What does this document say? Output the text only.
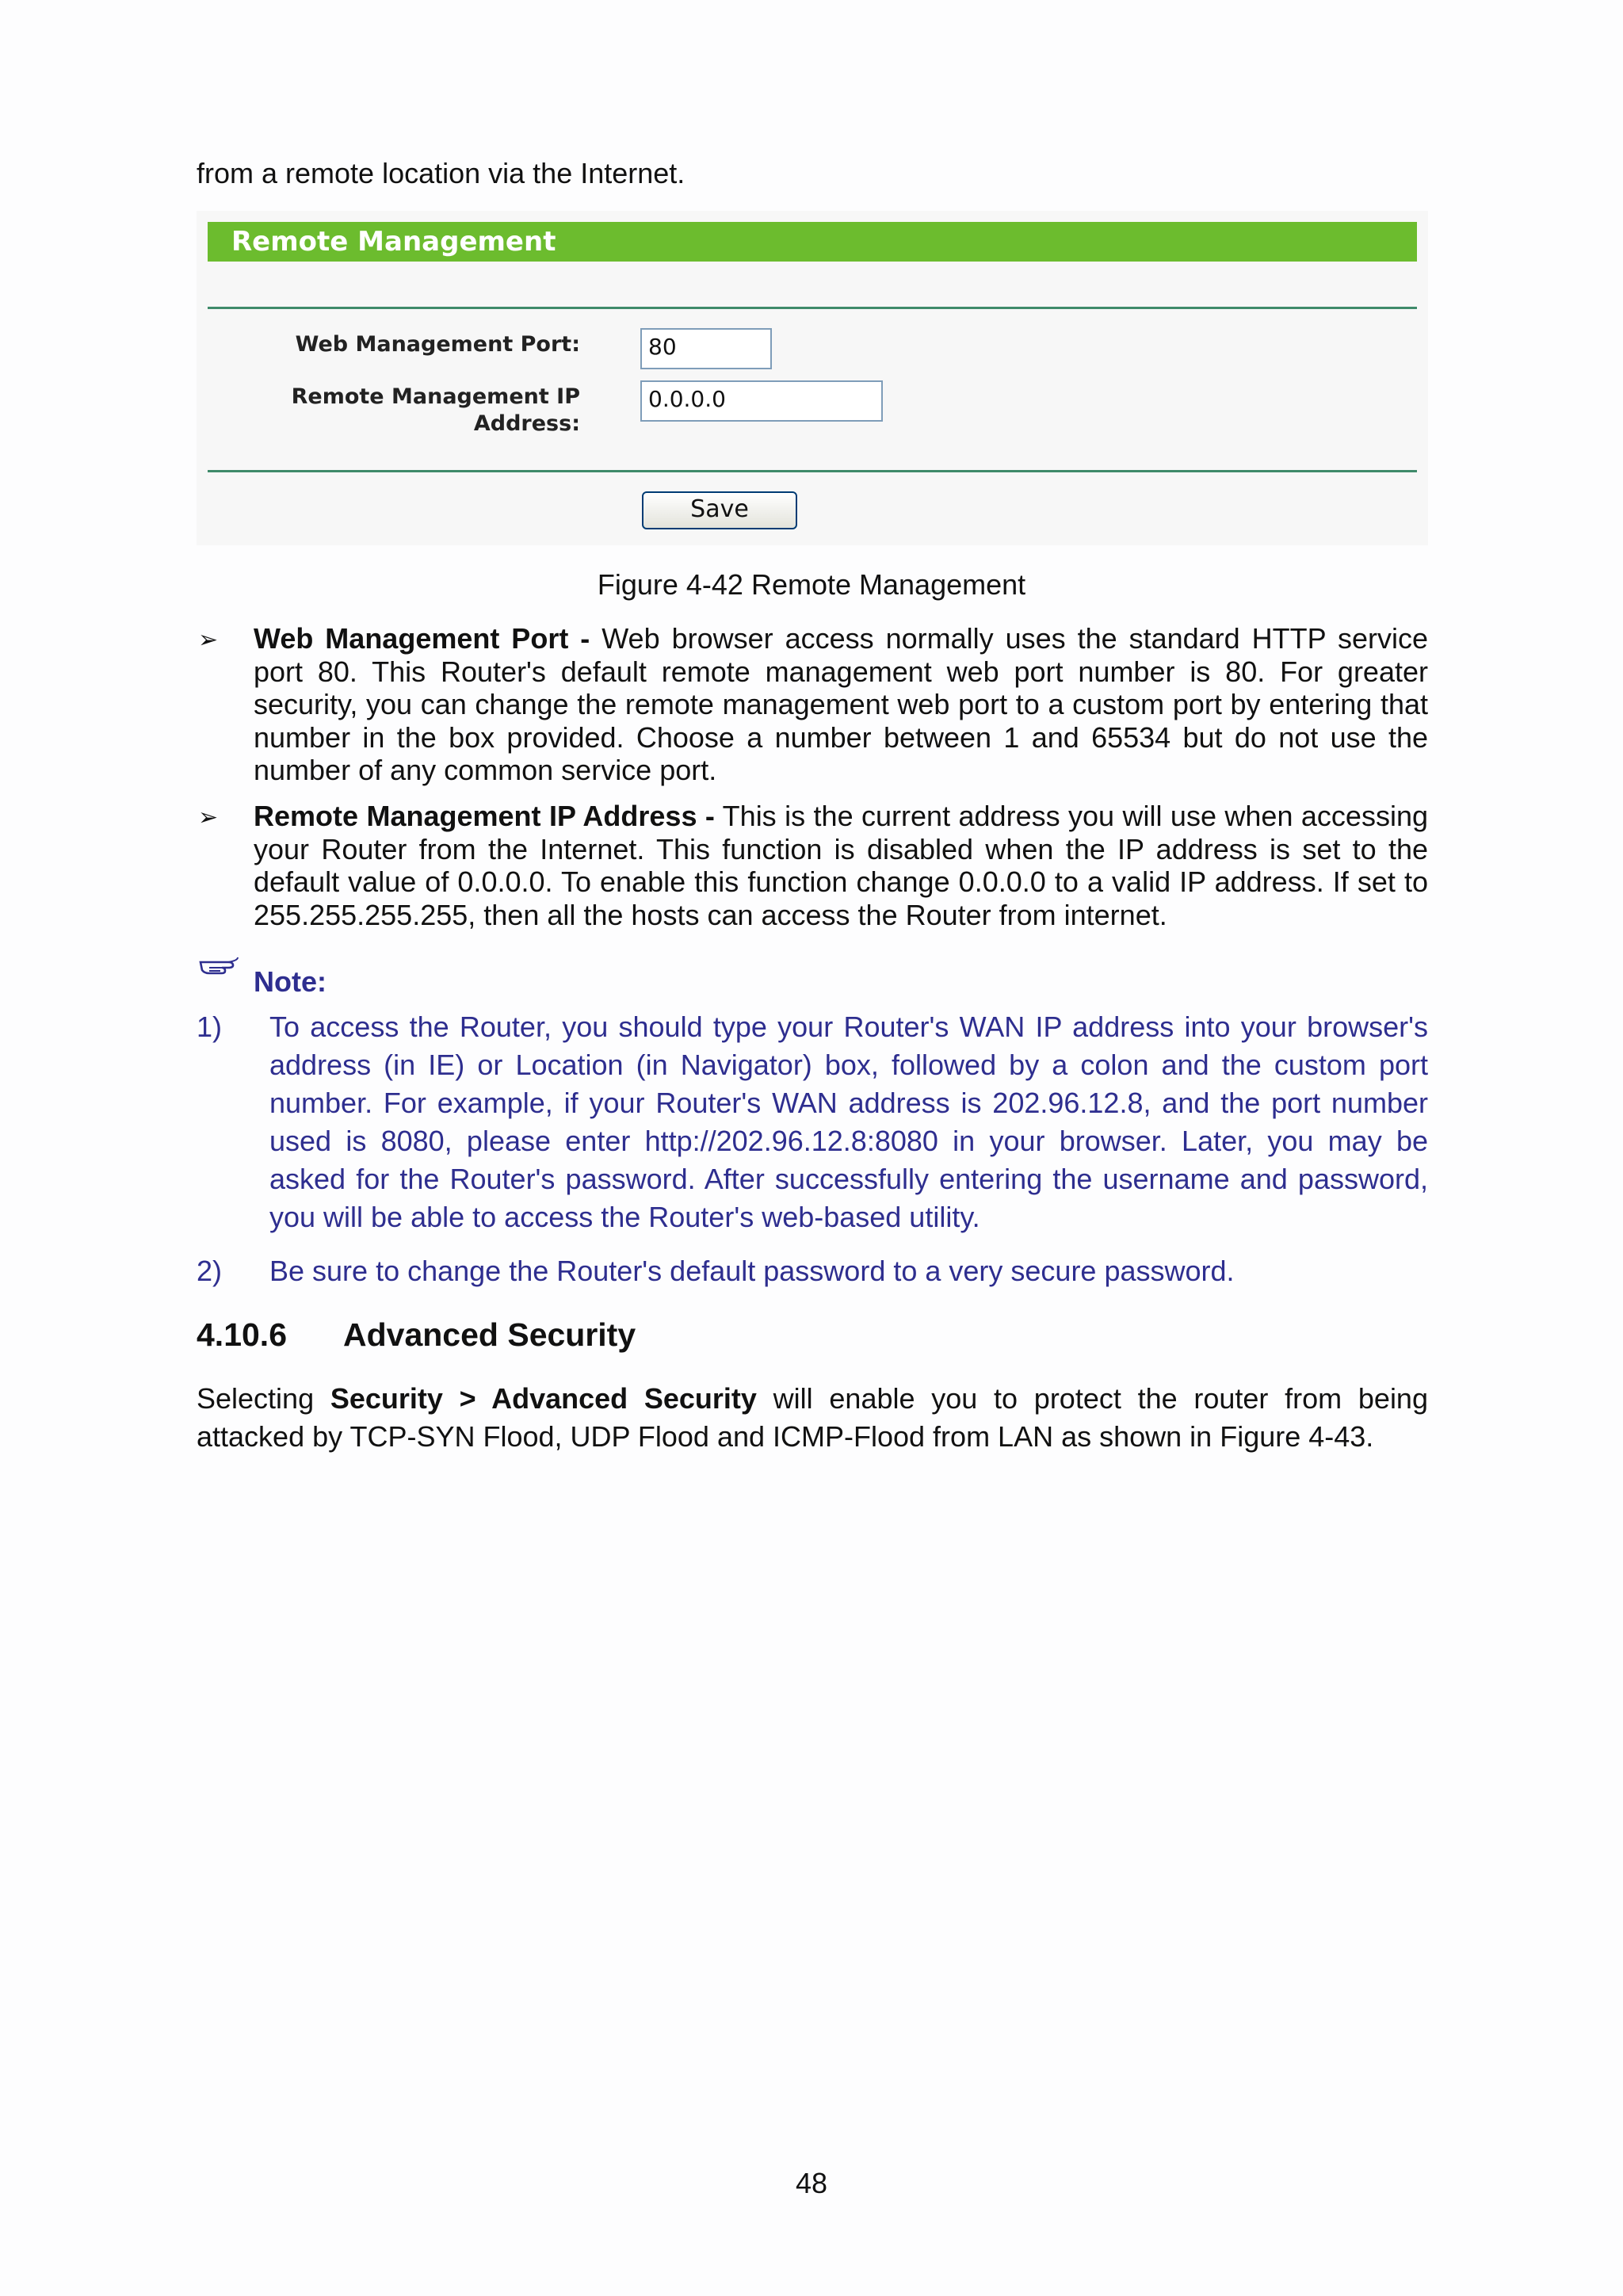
from a remote location via the Internet.
Remote Management
Web Management Port:	80
Remote Management IP Address:
0.0.0.0
Save
Figure 4-42 Remote Management
➢ Web Management Port - Web browser access normally uses the standard HTTP service port 80. This Router's default remote management web port number is 80. For greater security, you can change the remote management web port to a custom port by entering that number in the box provided. Choose a number between 1 and 65534 but do not use the number of any common service port.
➢ Remote Management IP Address - This is the current address you will use when accessing your Router from the Internet. This function is disabled when the IP address is set to the default value of 0.0.0.0. To enable this function change 0.0.0.0 to a valid IP address. If set to 255.255.255.255, then all the hosts can access the Router from internet.
Note:
1) To access the Router, you should type your Router's WAN IP address into your browser's address (in IE) or Location (in Navigator) box, followed by a colon and the custom port number. For example, if your Router's WAN address is 202.96.12.8, and the port number used is 8080, please enter http://202.96.12.8:8080 in your browser. Later, you may be asked for the Router's password. After successfully entering the username and password, you will be able to access the Router's web-based utility.
2) Be sure to change the Router's default password to a very secure password.
4.10.6 Advanced Security
Selecting Security > Advanced Security will enable you to protect the router from being attacked by TCP-SYN Flood, UDP Flood and ICMP-Flood from LAN as shown in Figure 4-43.
48
